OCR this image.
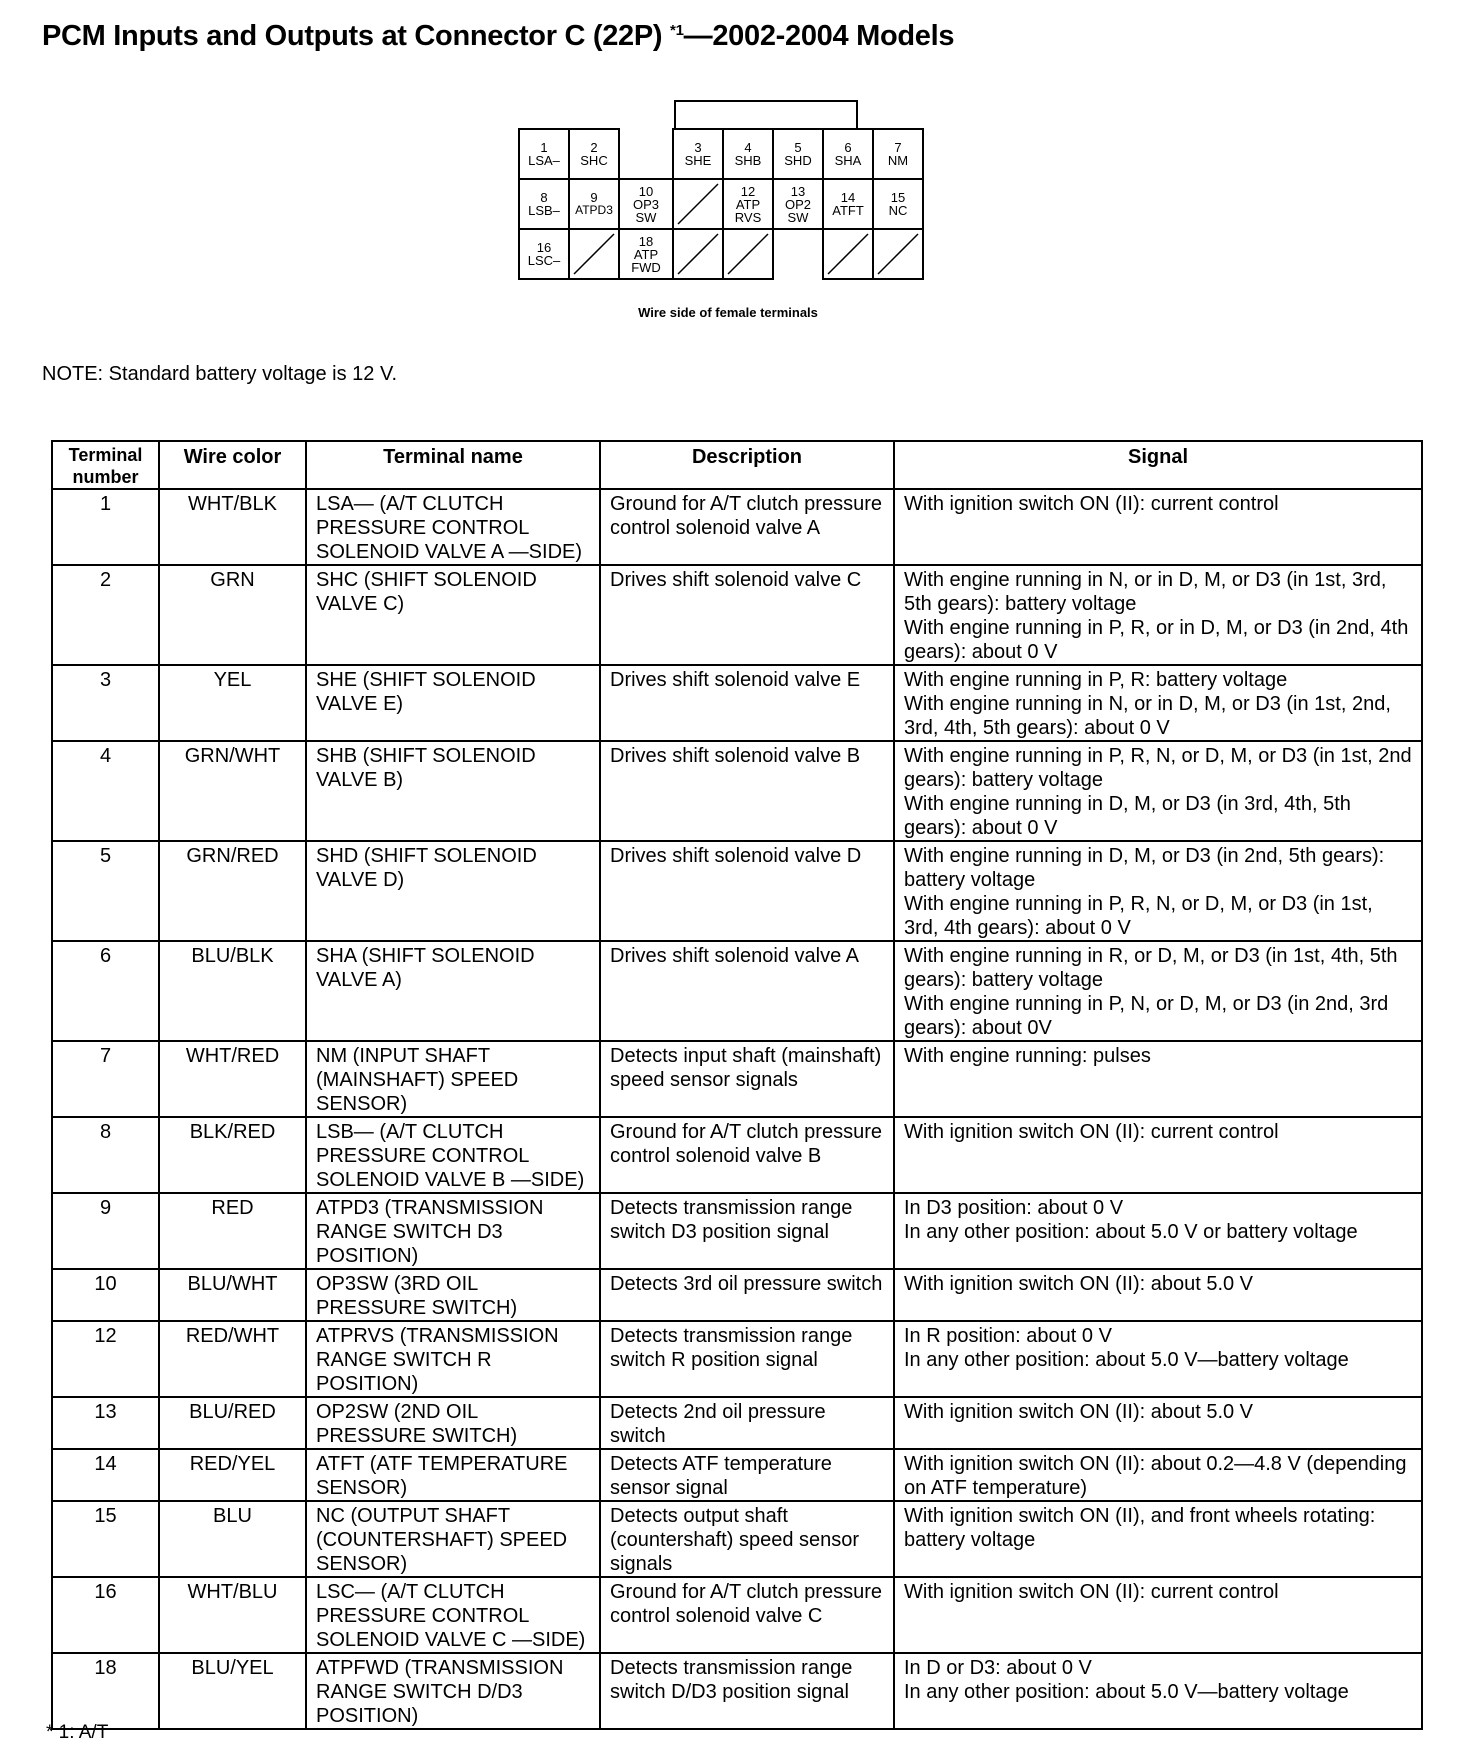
PCM Inputs and Outputs at Connector C (22P) $^{*1}$—2002-2004 Models
1
LSA–
2
SHC
3
SHE
4
SHB
5
SHD
6
SHA
7
NM
8
LSB–
9
ATPD3
10
OP3
SW
12
ATP
RVS
13
OP2
SW
14
ATFT
15
NC
16
LSC–
18
ATP
FWD
Wire side of female terminals
NOTE: Standard battery voltage is 12 V.
Terminal number	Wire color	Terminal name	Description	Signal
1	WHT/BLK	LSA— (A/T CLUTCH PRESSURE CONTROL SOLENOID VALVE A —SIDE)	Ground for A/T clutch pressure control solenoid valve A	With ignition switch ON (II): current control

2	GRN	SHC (SHIFT SOLENOID VALVE C)	Drives shift solenoid valve C	With engine running in N, or in D, M, or D3 (in 1st, 3rd, 5th gears): battery voltage
With engine running in P, R, or in D, M, or D3 (in 2nd, 4th gears): about 0 V

3	YEL	SHE (SHIFT SOLENOID VALVE E)	Drives shift solenoid valve E	With engine running in P, R: battery voltage
With engine running in N, or in D, M, or D3 (in 1st, 2nd, 3rd, 4th, 5th gears): about 0 V

4	GRN/WHT	SHB (SHIFT SOLENOID VALVE B)	Drives shift solenoid valve B	With engine running in P, R, N, or D, M, or D3 (in 1st, 2nd gears): battery voltage
With engine running in D, M, or D3 (in 3rd, 4th, 5th gears): about 0 V

5	GRN/RED	SHD (SHIFT SOLENOID VALVE D)	Drives shift solenoid valve D	With engine running in D, M, or D3 (in 2nd, 5th gears): battery voltage
With engine running in P, R, N, or D, M, or D3 (in 1st, 3rd, 4th gears): about 0 V

6	BLU/BLK	SHA (SHIFT SOLENOID VALVE A)	Drives shift solenoid valve A	With engine running in R, or D, M, or D3 (in 1st, 4th, 5th gears): battery voltage
With engine running in P, N, or D, M, or D3 (in 2nd, 3rd gears): about 0V

7	WHT/RED	NM (INPUT SHAFT (MAINSHAFT) SPEED SENSOR)	Detects input shaft (mainshaft) speed sensor signals	With engine running: pulses

8	BLK/RED	LSB— (A/T CLUTCH PRESSURE CONTROL SOLENOID VALVE B —SIDE)	Ground for A/T clutch pressure control solenoid valve B	With ignition switch ON (II): current control

9	RED	ATPD3 (TRANSMISSION RANGE SWITCH D3 POSITION)	Detects transmission range switch D3 position signal	In D3 position: about 0 V
In any other position: about 5.0 V or battery voltage

10	BLU/WHT	OP3SW (3RD OIL PRESSURE SWITCH)	Detects 3rd oil pressure switch	With ignition switch ON (II): about 5.0 V

12	RED/WHT	ATPRVS (TRANSMISSION RANGE SWITCH R POSITION)	Detects transmission range switch R position signal	In R position: about 0 V
In any other position: about 5.0 V—battery voltage

13	BLU/RED	OP2SW (2ND OIL PRESSURE SWITCH)	Detects 2nd oil pressure switch	With ignition switch ON (II): about 5.0 V

14	RED/YEL	ATFT (ATF TEMPERATURE SENSOR)	Detects ATF temperature sensor signal	With ignition switch ON (II): about 0.2—4.8 V (depending on ATF temperature)

15	BLU	NC (OUTPUT SHAFT (COUNTERSHAFT) SPEED SENSOR)	Detects output shaft (countershaft) speed sensor signals	With ignition switch ON (II), and front wheels rotating: battery voltage

16	WHT/BLU	LSC— (A/T CLUTCH PRESSURE CONTROL SOLENOID VALVE C —SIDE)	Ground for A/T clutch pressure control solenoid valve C	With ignition switch ON (II): current control

18	BLU/YEL	ATPFWD (TRANSMISSION RANGE SWITCH D/D3 POSITION)	Detects transmission range switch D/D3 position signal	In D or D3: about 0 V
In any other position: about 5.0 V—battery voltage
* 1: A/T
